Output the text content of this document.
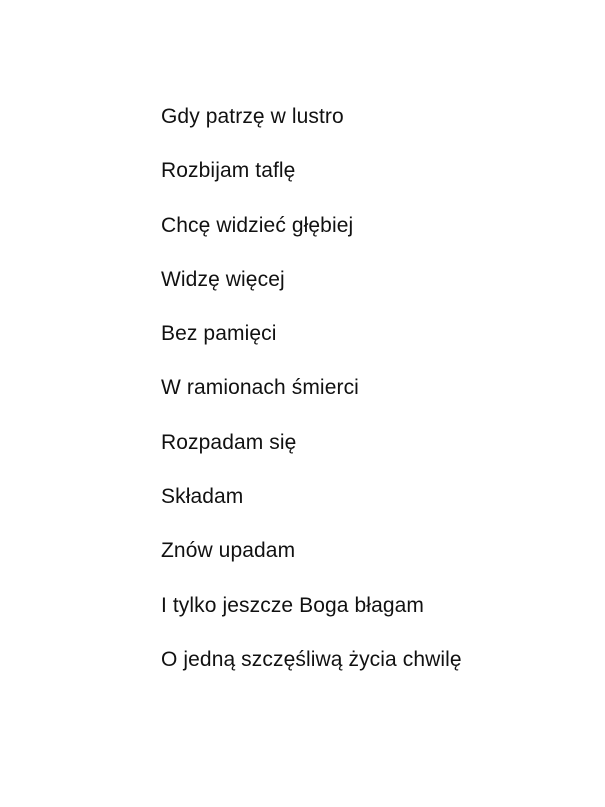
Gdy patrzę w lustro
Rozbijam taflę
Chcę widzieć głębiej
Widzę więcej
Bez pamięci
W ramionach śmierci
Rozpadam się
Składam
Znów upadam
I tylko jeszcze Boga błagam
O jedną szczęśliwą życia chwilę
